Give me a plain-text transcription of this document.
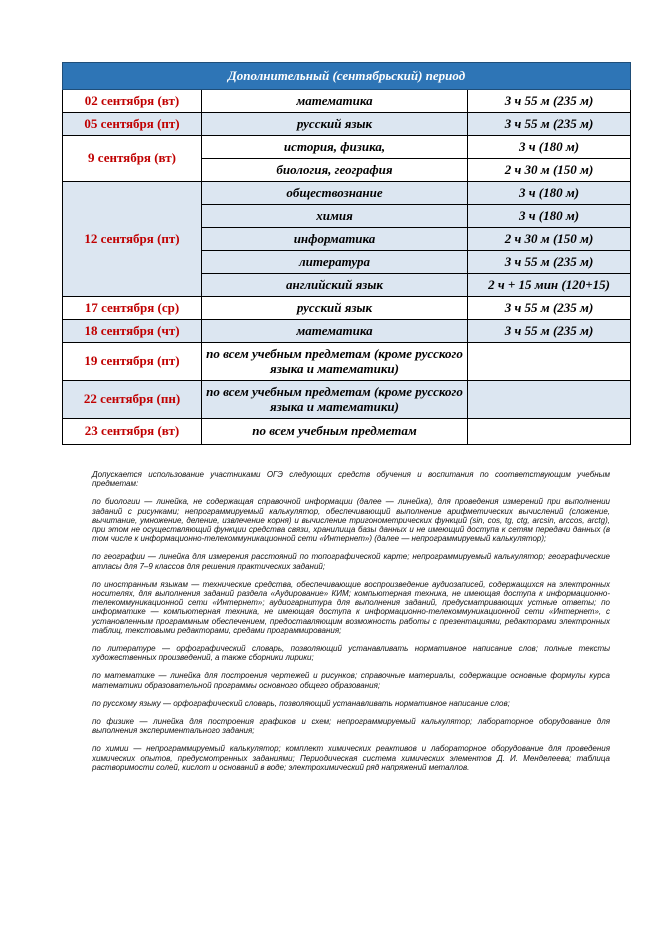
Дополнительный (сентябрьский) период		
02 сентября (вт)	математика	3 ч 55 м (235 м)
05 сентября (пт)	русский язык	3 ч 55 м (235 м)
9 сентября (вт)	история, физика,	3 ч (180 м)
	биология, география	2 ч 30 м (150 м)
12 сентября (пт)	обществознание	3 ч (180 м)
	химия	3 ч (180 м)
	информатика	2 ч 30 м (150 м)
	литература	3 ч 55 м (235 м)
	английский язык	2 ч + 15 мин (120+15)
17 сентября (ср)	русский язык	3 ч 55 м (235 м)
18 сентября (чт)	математика	3 ч 55 м (235 м)
19 сентября (пт)	по всем учебным предметам (кроме русского языка и математики)	
22 сентября (пн)	по всем учебным предметам (кроме русского языка и математики)	
23 сентября (вт)	по всем учебным предметам	

Допускается использование участниками ОГЭ следующих средств обучения и воспитания по соответствующим учебным предметам:

по биологии — линейка, не содержащая справочной информации (далее — линейка), для проведения измерений при выполнении заданий с рисунками; непрограммируемый калькулятор, обеспечивающий выполнение арифметических вычислений (сложение, вычитание, умножение, деление, извлечение корня) и вычисление тригонометрических функций (sin, cos, tg, ctg, arcsin, arccos, arctg), при этом не осуществляющий функции средства связи, хранилища базы данных и не имеющий доступа к сетям передачи данных (в том числе к информационно-телекоммуникационной сети «Интернет») (далее — непрограммируемый калькулятор);

по географии — линейка для измерения расстояний по топографической карте; непрограммируемый калькулятор; географические атласы для 7–9 классов для решения практических заданий;

по иностранным языкам — технические средства, обеспечивающие воспроизведение аудиозаписей, содержащихся на электронных носителях, для выполнения заданий раздела «Аудирование» КИМ; компьютерная техника, не имеющая доступа к информационно-телекоммуникационной сети «Интернет»; аудиогарнитура для выполнения заданий, предусматривающих устные ответы; по информатике — компьютерная техника, не имеющая доступа к информационно-телекоммуникационной сети «Интернет», с установленным программным обеспечением, предоставляющим возможность работы с презентациями, редакторами электронных таблиц, текстовыми редакторами, средами программирования;

по литературе — орфографический словарь, позволяющий устанавливать нормативное написание слов; полные тексты художественных произведений, а также сборники лирики;

по математике — линейка для построения чертежей и рисунков; справочные материалы, содержащие основные формулы курса математики образовательной программы основного общего образования;

по русскому языку — орфографический словарь, позволяющий устанавливать нормативное написание слов;

по физике — линейка для построения графиков и схем; непрограммируемый калькулятор; лабораторное оборудование для выполнения экспериментального задания;

по химии — непрограммируемый калькулятор; комплект химических реактивов и лабораторное оборудование для проведения химических опытов, предусмотренных заданиями; Периодическая система химических элементов Д. И. Менделеева; таблица растворимости солей, кислот и оснований в воде; электрохимический ряд напряжений металлов.
